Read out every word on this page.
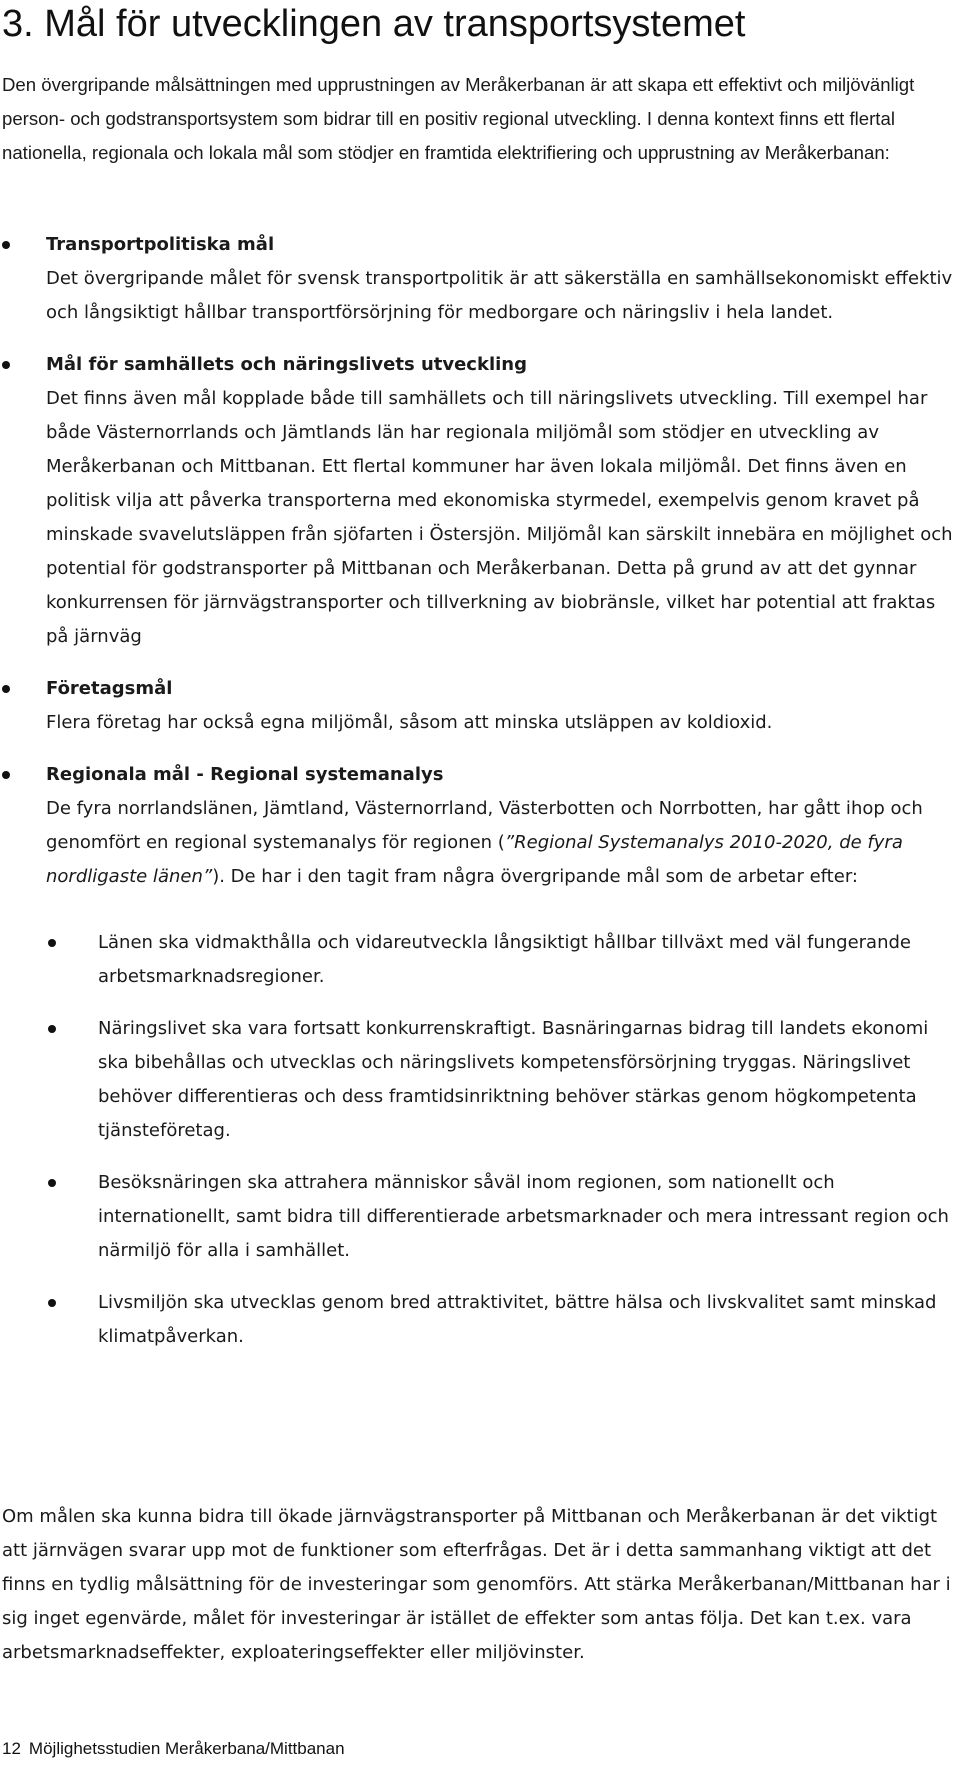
3. Mål för utvecklingen av transportsystemet

Den övergripande målsättningen med upprustningen av Meråkerbanan är att skapa ett effektivt och miljövänligt person- och godstransportsystem som bidrar till en positiv regional utveckling. I denna kontext finns ett flertal nationella, regionala och lokala mål som stödjer en framtida elektrifiering och upprustning av Meråkerbanan:

Transportpolitiska mål
Det övergripande målet för svensk transportpolitik är att säkerställa en samhällsekonomiskt effektiv och långsiktigt hållbar transportförsörjning för medborgare och näringsliv i hela landet.
Mål för samhällets och näringslivets utveckling
Det finns även mål kopplade både till samhällets och till näringslivets utveckling. Till exempel har både Västernorrlands och Jämtlands län har regionala miljömål som stödjer en utveckling av Meråkerbanan och Mittbanan. Ett flertal kommuner har även lokala miljömål. Det finns även en politisk vilja att påverka transporterna med ekonomiska styrmedel, exempelvis genom kravet på minskade svavelutsläppen från sjöfarten i Östersjön. Miljömål kan särskilt innebära en möjlighet och potential för godstransporter på Mittbanan och Meråkerbanan. Detta på grund av att det gynnar konkurrensen för järnvägstransporter och tillverkning av biobränsle, vilket har potential att fraktas på järnväg
Företagsmål
Flera företag har också egna miljömål, såsom att minska utsläppen av koldioxid.
Regionala mål - Regional systemanalys
De fyra norrlandslänen, Jämtland, Västernorrland, Västerbotten och Norrbotten, har gått ihop och genomfört en regional systemanalys för regionen (”Regional Systemanalys 2010-2020, de fyra nordligaste länen”). De har i den tagit fram några övergripande mål som de arbetar efter:
Länen ska vidmakthålla och vidareutveckla långsiktigt hållbar tillväxt med väl fungerande arbetsmarknadsregioner.
Näringslivet ska vara fortsatt konkurrenskraftigt. Basnäringarnas bidrag till landets ekonomi ska bibehållas och utvecklas och näringslivets kompetensförsörjning tryggas. Näringslivet behöver differentieras och dess framtidsinriktning behöver stärkas genom högkompetenta tjänsteföretag.
Besöksnäringen ska attrahera människor såväl inom regionen, som nationellt och internationellt, samt bidra till differentierade arbetsmarknader och mera intressant region och närmiljö för alla i samhället.
Livsmiljön ska utvecklas genom bred attraktivitet, bättre hälsa och livskvalitet samt minskad klimatpåverkan.

Om målen ska kunna bidra till ökade järnvägstransporter på Mittbanan och Meråkerbanan är det viktigt att järnvägen svarar upp mot de funktioner som efterfrågas. Det är i detta sammanhang viktigt att det finns en tydlig målsättning för de investeringar som genomförs. Att stärka Meråkerbanan/Mittbanan har i sig inget egenvärde, målet för investeringar är istället de effekter som antas följa. Det kan t.ex. vara arbetsmarknadseffekter, exploateringseffekter eller miljövinster.

12 Möjlighetsstudien Meråkerbana/Mittbanan
